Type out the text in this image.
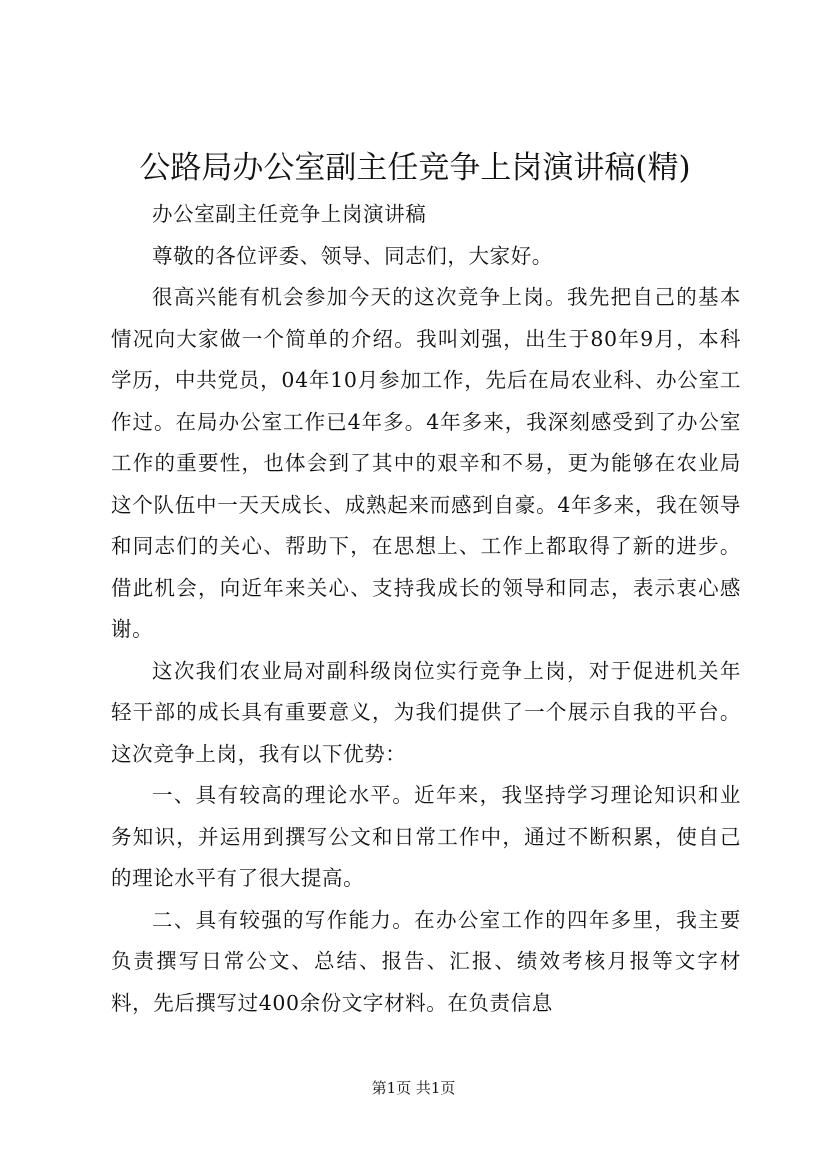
公路局办公室副主任竞争上岗演讲稿(精)

办公室副主任竞争上岗演讲稿

尊敬的各位评委、领导、同志们，大家好。

很高兴能有机会参加今天的这次竞争上岗。我先把自己的基本情况向大家做一个简单的介绍。我叫刘强，出生于80年9月，本科学历，中共党员，04年10月参加工作，先后在局农业科、办公室工作过。在局办公室工作已4年多。4年多来，我深刻感受到了办公室工作的重要性，也体会到了其中的艰辛和不易，更为能够在农业局这个队伍中一天天成长、成熟起来而感到自豪。4年多来，我在领导和同志们的关心、帮助下，在思想上、工作上都取得了新的进步。借此机会，向近年来关心、支持我成长的领导和同志，表示衷心感谢。

这次我们农业局对副科级岗位实行竞争上岗，对于促进机关年轻干部的成长具有重要意义，为我们提供了一个展示自我的平台。这次竞争上岗，我有以下优势：

一、具有较高的理论水平。近年来，我坚持学习理论知识和业务知识，并运用到撰写公文和日常工作中，通过不断积累，使自己的理论水平有了很大提高。

二、具有较强的写作能力。在办公室工作的四年多里，我主要负责撰写日常公文、总结、报告、汇报、绩效考核月报等文字材料，先后撰写过400余份文字材料。在负责信息

第1页 共1页
